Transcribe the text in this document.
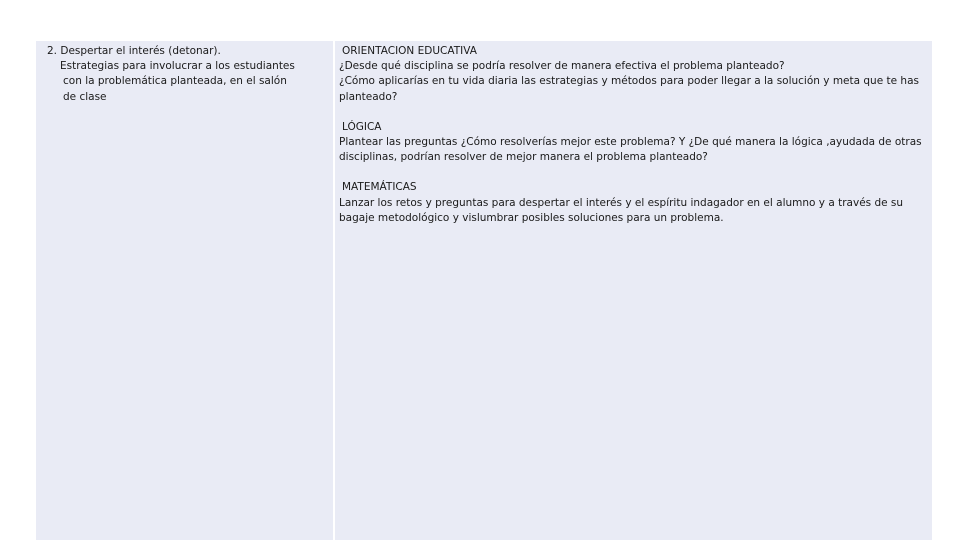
2. Despertar el interés (detonar).

Estrategias para involucrar a los estudiantes
con la problemática planteada, en el salón
de clase

ORIENTACION EDUCATIVA

¿Desde qué disciplina se podría resolver de manera efectiva el problema planteado?

¿Cómo aplicarías en tu vida diaria las estrategias y métodos para poder llegar a la solución y meta que te has planteado?

LÓGICA

Plantear las preguntas ¿Cómo resolverías mejor este problema? Y ¿De qué manera la lógica ,ayudada de otras disciplinas, podrían resolver de mejor manera el problema planteado?

MATEMÁTICAS

Lanzar los retos y preguntas para despertar el interés y el espíritu indagador en el alumno y a través de su bagaje metodológico y vislumbrar posibles soluciones para un problema.
